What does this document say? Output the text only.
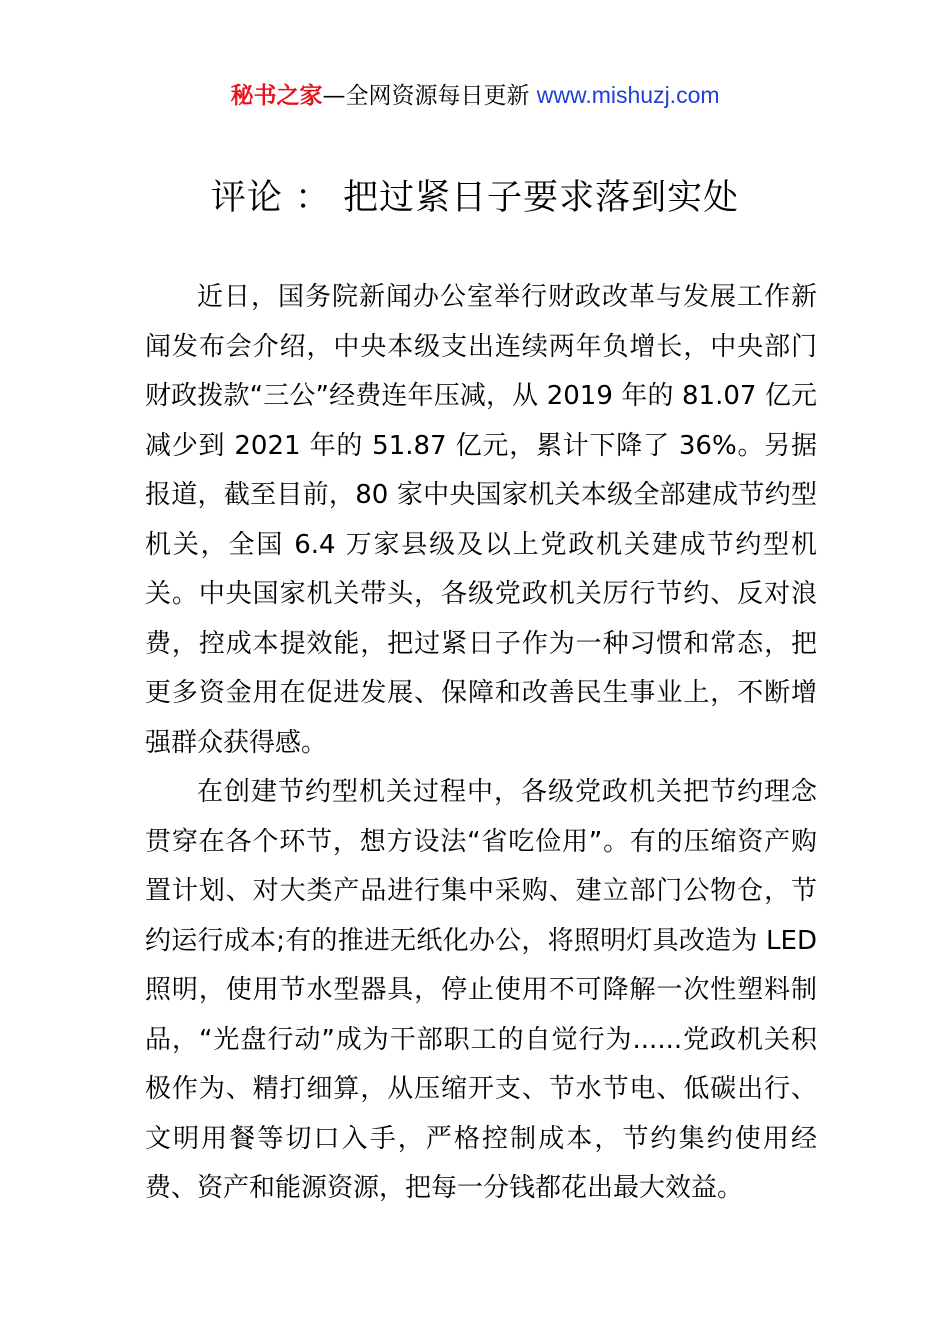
秘书之家—全网资源每日更新 www.mishuzj.com
评论 ： 把过紧日子要求落到实处

近日，国务院新闻办公室举行财政改革与发展工作新闻发布会介绍，中央本级支出连续两年负增长，中央部门财政拨款“三公”经费连年压减，从 2019 年的 81.07 亿元减少到 2021 年的 51.87 亿元，累计下降了 36%。另据报道，截至目前，80 家中央国家机关本级全部建成节约型机关，全国 6.4 万家县级及以上党政机关建成节约型机关。中央国家机关带头，各级党政机关厉行节约、反对浪费，控成本提效能，把过紧日子作为一种习惯和常态，把更多资金用在促进发展、保障和改善民生事业上，不断增强群众获得感。

在创建节约型机关过程中，各级党政机关把节约理念贯穿在各个环节，想方设法“省吃俭用”。有的压缩资产购置计划、对大类产品进行集中采购、建立部门公物仓，节约运行成本;有的推进无纸化办公，将照明灯具改造为 LED 照明，使用节水型器具，停止使用不可降解一次性塑料制品，“光盘行动”成为干部职工的自觉行为......党政机关积极作为、精打细算，从压缩开支、节水节电、低碳出行、文明用餐等切口入手，严格控制成本，节约集约使用经费、资产和能源资源，把每一分钱都花出最大效益。
